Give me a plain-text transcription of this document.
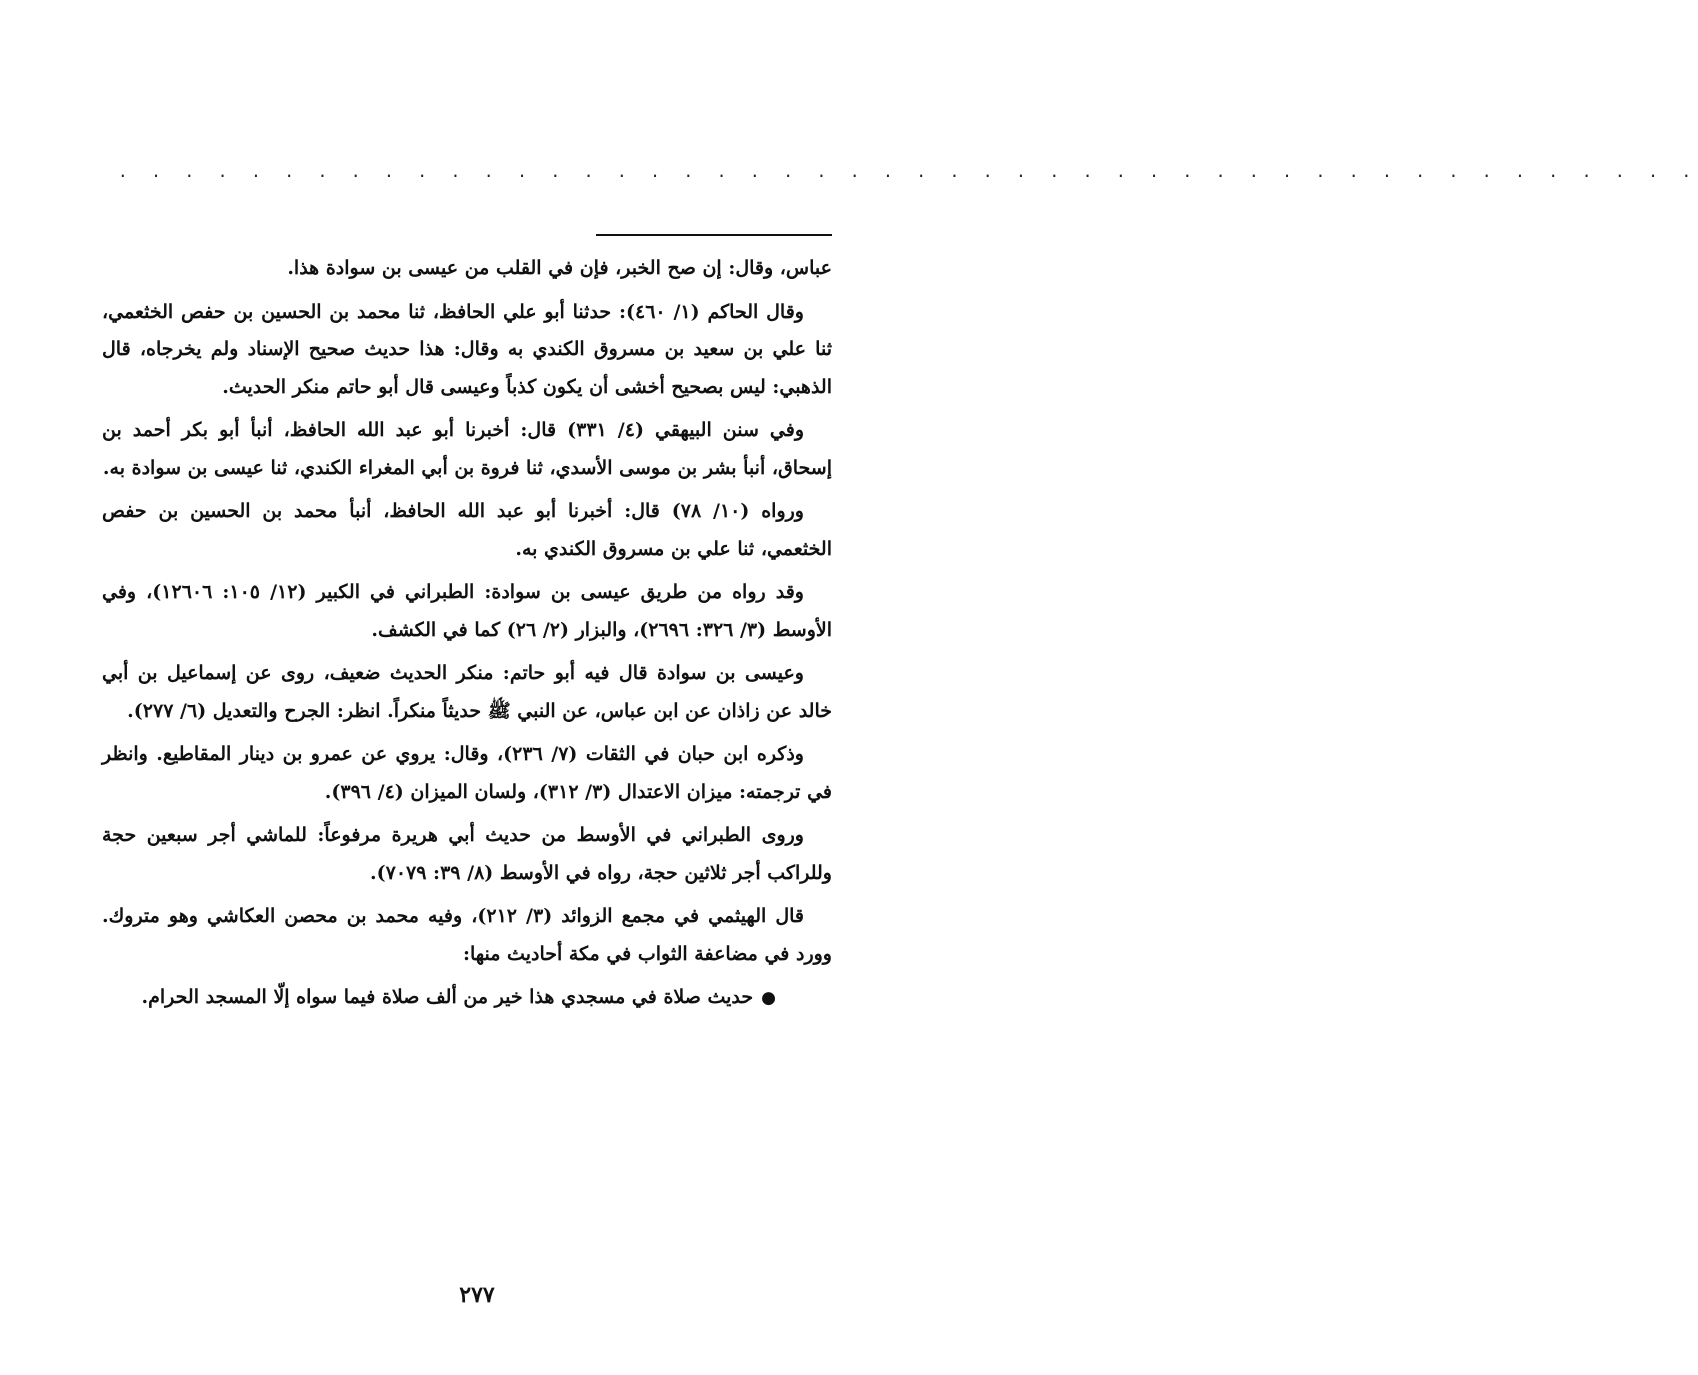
. . . . . . . . . . . . . . . . . . . . . . . . . . . . . . . . . . . . . . . . . . . . . . . .

عباس، وقال: إن صح الخبر، فإن في القلب من عيسى بن سوادة هذا.

وقال الحاكم (١/ ٤٦٠): حدثنا أبو علي الحافظ، ثنا محمد بن الحسين بن حفص الخثعمي، ثنا علي بن سعيد بن مسروق الكندي به وقال: هذا حديث صحيح الإسناد ولم يخرجاه، قال الذهبي: ليس بصحيح أخشى أن يكون كذباً وعيسى قال أبو حاتم منكر الحديث.

وفي سنن البيهقي (٤/ ٣٣١) قال: أخبرنا أبو عبد الله الحافظ، أنبأ أبو بكر أحمد بن إسحاق، أنبأ بشر بن موسى الأسدي، ثنا فروة بن أبي المغراء الكندي، ثنا عيسى بن سوادة به.

ورواه (١٠/ ٧٨) قال: أخبرنا أبو عبد الله الحافظ، أنبأ محمد بن الحسين بن حفص الخثعمي، ثنا علي بن مسروق الكندي به.

وقد رواه من طريق عيسى بن سوادة: الطبراني في الكبير (١٢/ ١٠٥: ١٢٦٠٦)، وفي الأوسط (٣/ ٣٢٦: ٢٦٩٦)، والبزار (٢/ ٢٦) كما في الكشف.

وعيسى بن سوادة قال فيه أبو حاتم: منكر الحديث ضعيف، روى عن إسماعيل بن أبي خالد عن زاذان عن ابن عباس، عن النبي ﷺ حديثاً منكراً. انظر: الجرح والتعديل (٦/ ٢٧٧).

وذكره ابن حبان في الثقات (٧/ ٢٣٦)، وقال: يروي عن عمرو بن دينار المقاطيع. وانظر في ترجمته: ميزان الاعتدال (٣/ ٣١٢)، ولسان الميزان (٤/ ٣٩٦).

وروى الطبراني في الأوسط من حديث أبي هريرة مرفوعاً: للماشي أجر سبعين حجة وللراكب أجر ثلاثين حجة، رواه في الأوسط (٨/ ٣٩: ٧٠٧٩).

قال الهيثمي في مجمع الزوائد (٣/ ٢١٢)، وفيه محمد بن محصن العكاشي وهو متروك. وورد في مضاعفة الثواب في مكة أحاديث منها:

●حديث صلاة في مسجدي هذا خير من ألف صلاة فيما سواه إلّا المسجد الحرام.

٢٧٧
